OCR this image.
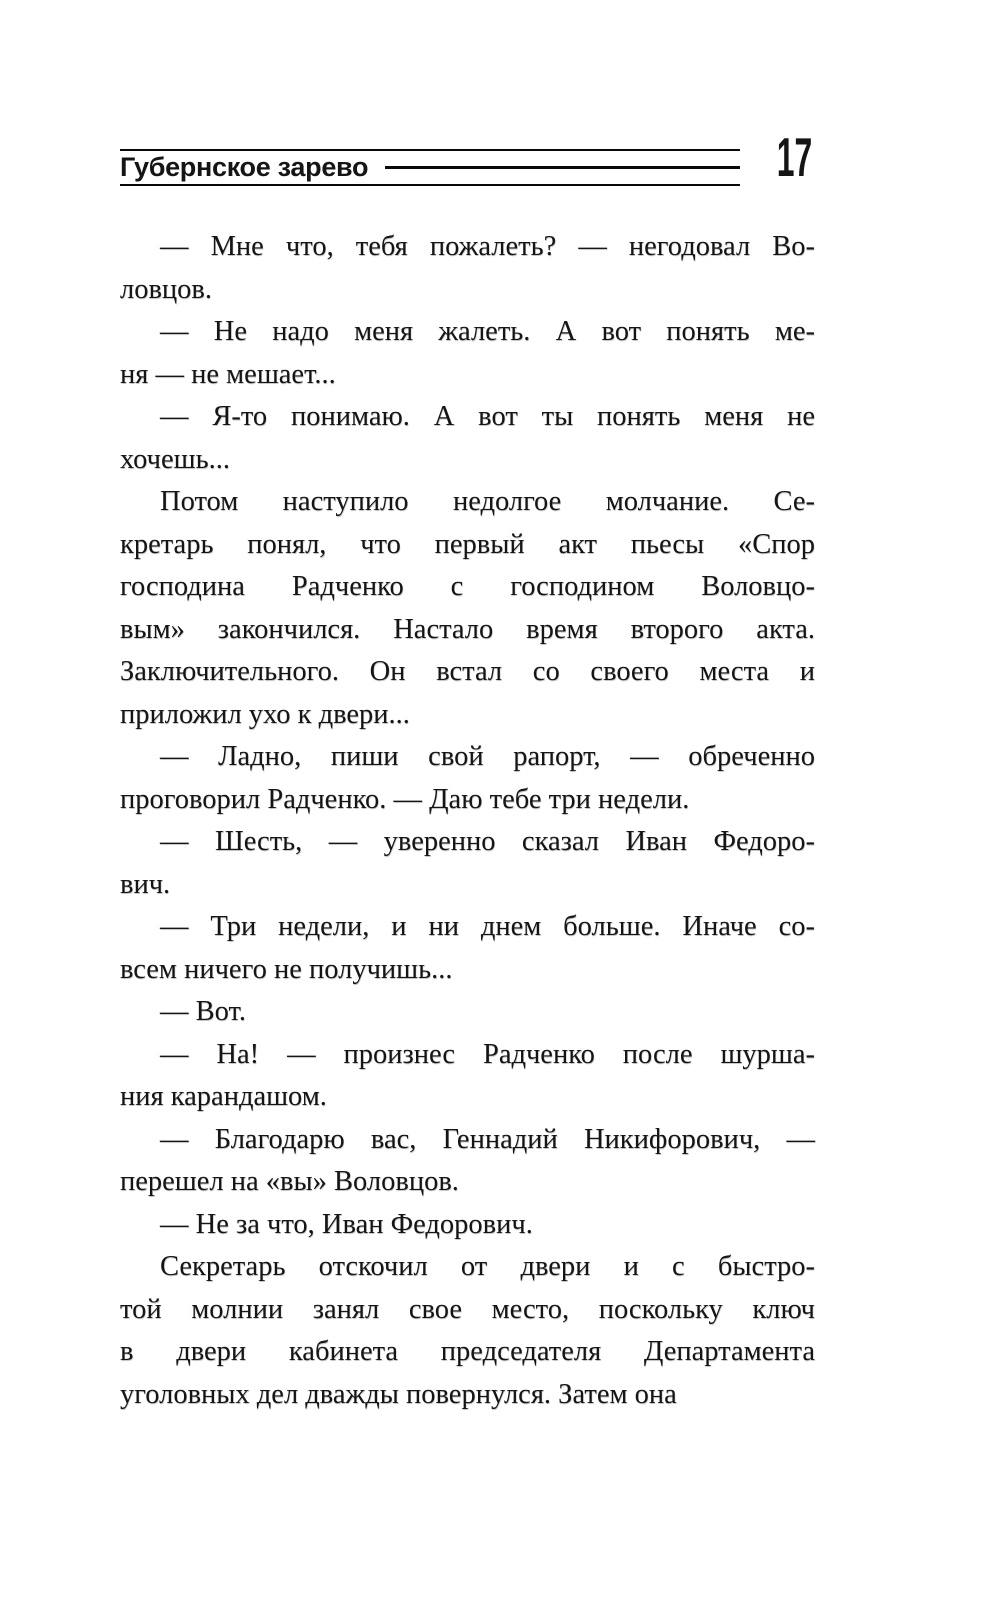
Губернское зарево	17
— Мне что, тебя пожалеть? — негодовал Во-
ловцов.
— Не надо меня жалеть. А вот понять ме-
ня — не мешает...
— Я-то понимаю. А вот ты понять меня не
хочешь...
Потом наступило недолгое молчание. Се-
кретарь понял, что первый акт пьесы «Спор
господина Радченко с господином Воловцо-
вым» закончился. Настало время второго акта.
Заключительного. Он встал со своего места и
приложил ухо к двери...
— Ладно, пиши свой рапорт, — обреченно
проговорил Радченко. — Даю тебе три недели.
— Шесть, — уверенно сказал Иван Федоро-
вич.
— Три недели, и ни днем больше. Иначе со-
всем ничего не получишь...
— Вот.
— На! — произнес Радченко после шурша-
ния карандашом.
— Благодарю вас, Геннадий Никифорович, —
перешел на «вы» Воловцов.
— Не за что, Иван Федорович.
Секретарь отскочил от двери и с быстро-
той молнии занял свое место, поскольку ключ
в двери кабинета председателя Департамента
уголовных дел дважды повернулся. Затем она
